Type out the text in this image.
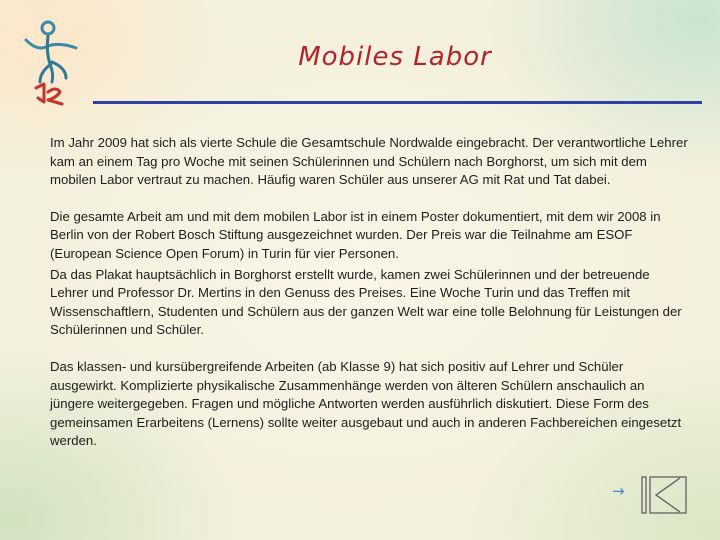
Mobiles Labor

Im Jahr 2009 hat sich als vierte Schule die Gesamtschule Nordwalde eingebracht. Der verantwortliche Lehrer kam an einem Tag pro Woche mit seinen Schülerinnen und Schülern nach Borghorst, um sich mit dem mobilen Labor vertraut zu machen. Häufig waren Schüler aus unserer AG mit Rat und Tat dabei.

Die gesamte Arbeit am und mit dem mobilen Labor ist in einem Poster dokumentiert, mit dem wir 2008 in Berlin von der Robert Bosch Stiftung ausgezeichnet wurden. Der Preis war die Teilnahme am ESOF (European Science Open Forum) in Turin für vier Personen.

Da das Plakat hauptsächlich in Borghorst erstellt wurde, kamen zwei Schülerinnen und der betreuende Lehrer und Professor Dr. Mertins in den Genuss des Preises. Eine Woche Turin und das Treffen mit Wissenschaftlern, Studenten und Schülern aus der ganzen Welt war eine tolle Belohnung für Leistungen der Schülerinnen und Schüler.

Das klassen- und kursübergreifende Arbeiten (ab Klasse 9) hat sich positiv auf Lehrer und Schüler ausgewirkt. Komplizierte physikalische Zusammenhänge werden von älteren Schülern anschaulich an jüngere weitergegeben. Fragen und mögliche Antworten werden ausführlich diskutiert. Diese Form des gemeinsamen Erarbeitens (Lernens) sollte weiter ausgebaut und auch in anderen Fachbereichen eingesetzt werden.

→
